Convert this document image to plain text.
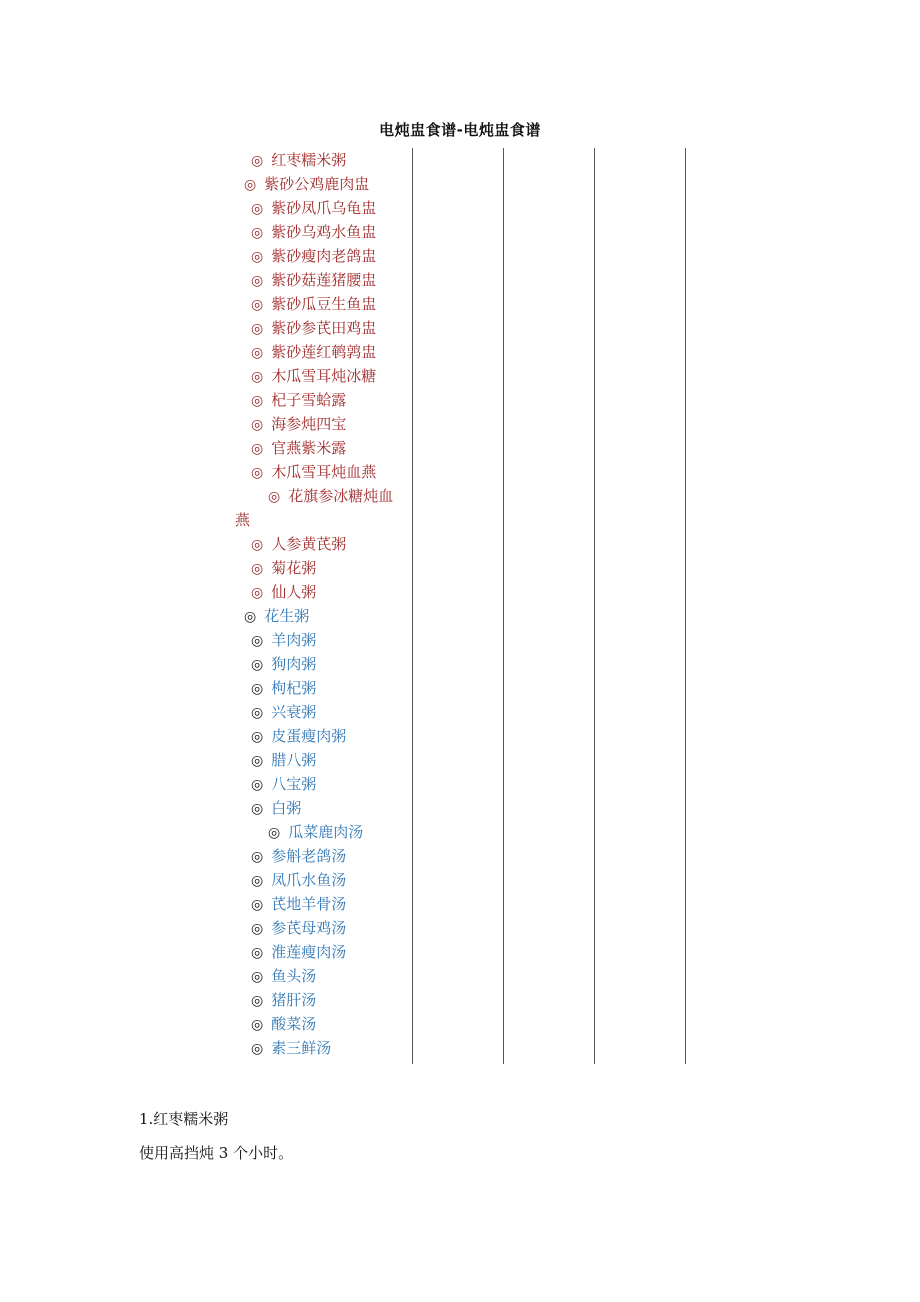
电炖盅食谱-电炖盅食谱
◎ 红枣糯米粥
◎ 紫砂公鸡鹿肉盅
◎ 紫砂凤爪乌龟盅
◎ 紫砂乌鸡水鱼盅
◎ 紫砂瘦肉老鸽盅
◎ 紫砂菇莲猪腰盅
◎ 紫砂瓜豆生鱼盅
◎ 紫砂参芪田鸡盅
◎ 紫砂莲红鹌鹑盅
◎ 木瓜雪耳炖冰糖
◎ 杞子雪蛤露
◎ 海参炖四宝
◎ 官燕紫米露
◎ 木瓜雪耳炖血燕
◎ 花旗参冰糖炖血
燕
◎ 人参黄芪粥
◎ 菊花粥
◎ 仙人粥
◎ 花生粥
◎ 羊肉粥
◎ 狗肉粥
◎ 枸杞粥
◎ 兴衰粥
◎ 皮蛋瘦肉粥
◎ 腊八粥
◎ 八宝粥
◎ 白粥
◎ 瓜菜鹿肉汤
◎ 参斛老鸽汤
◎ 凤爪水鱼汤
◎ 芪地羊骨汤
◎ 参芪母鸡汤
◎ 淮莲瘦肉汤
◎ 鱼头汤
◎ 猪肝汤
◎ 酸菜汤
◎ 素三鲜汤
1.红枣糯米粥
使用高挡炖 3 个小时。
